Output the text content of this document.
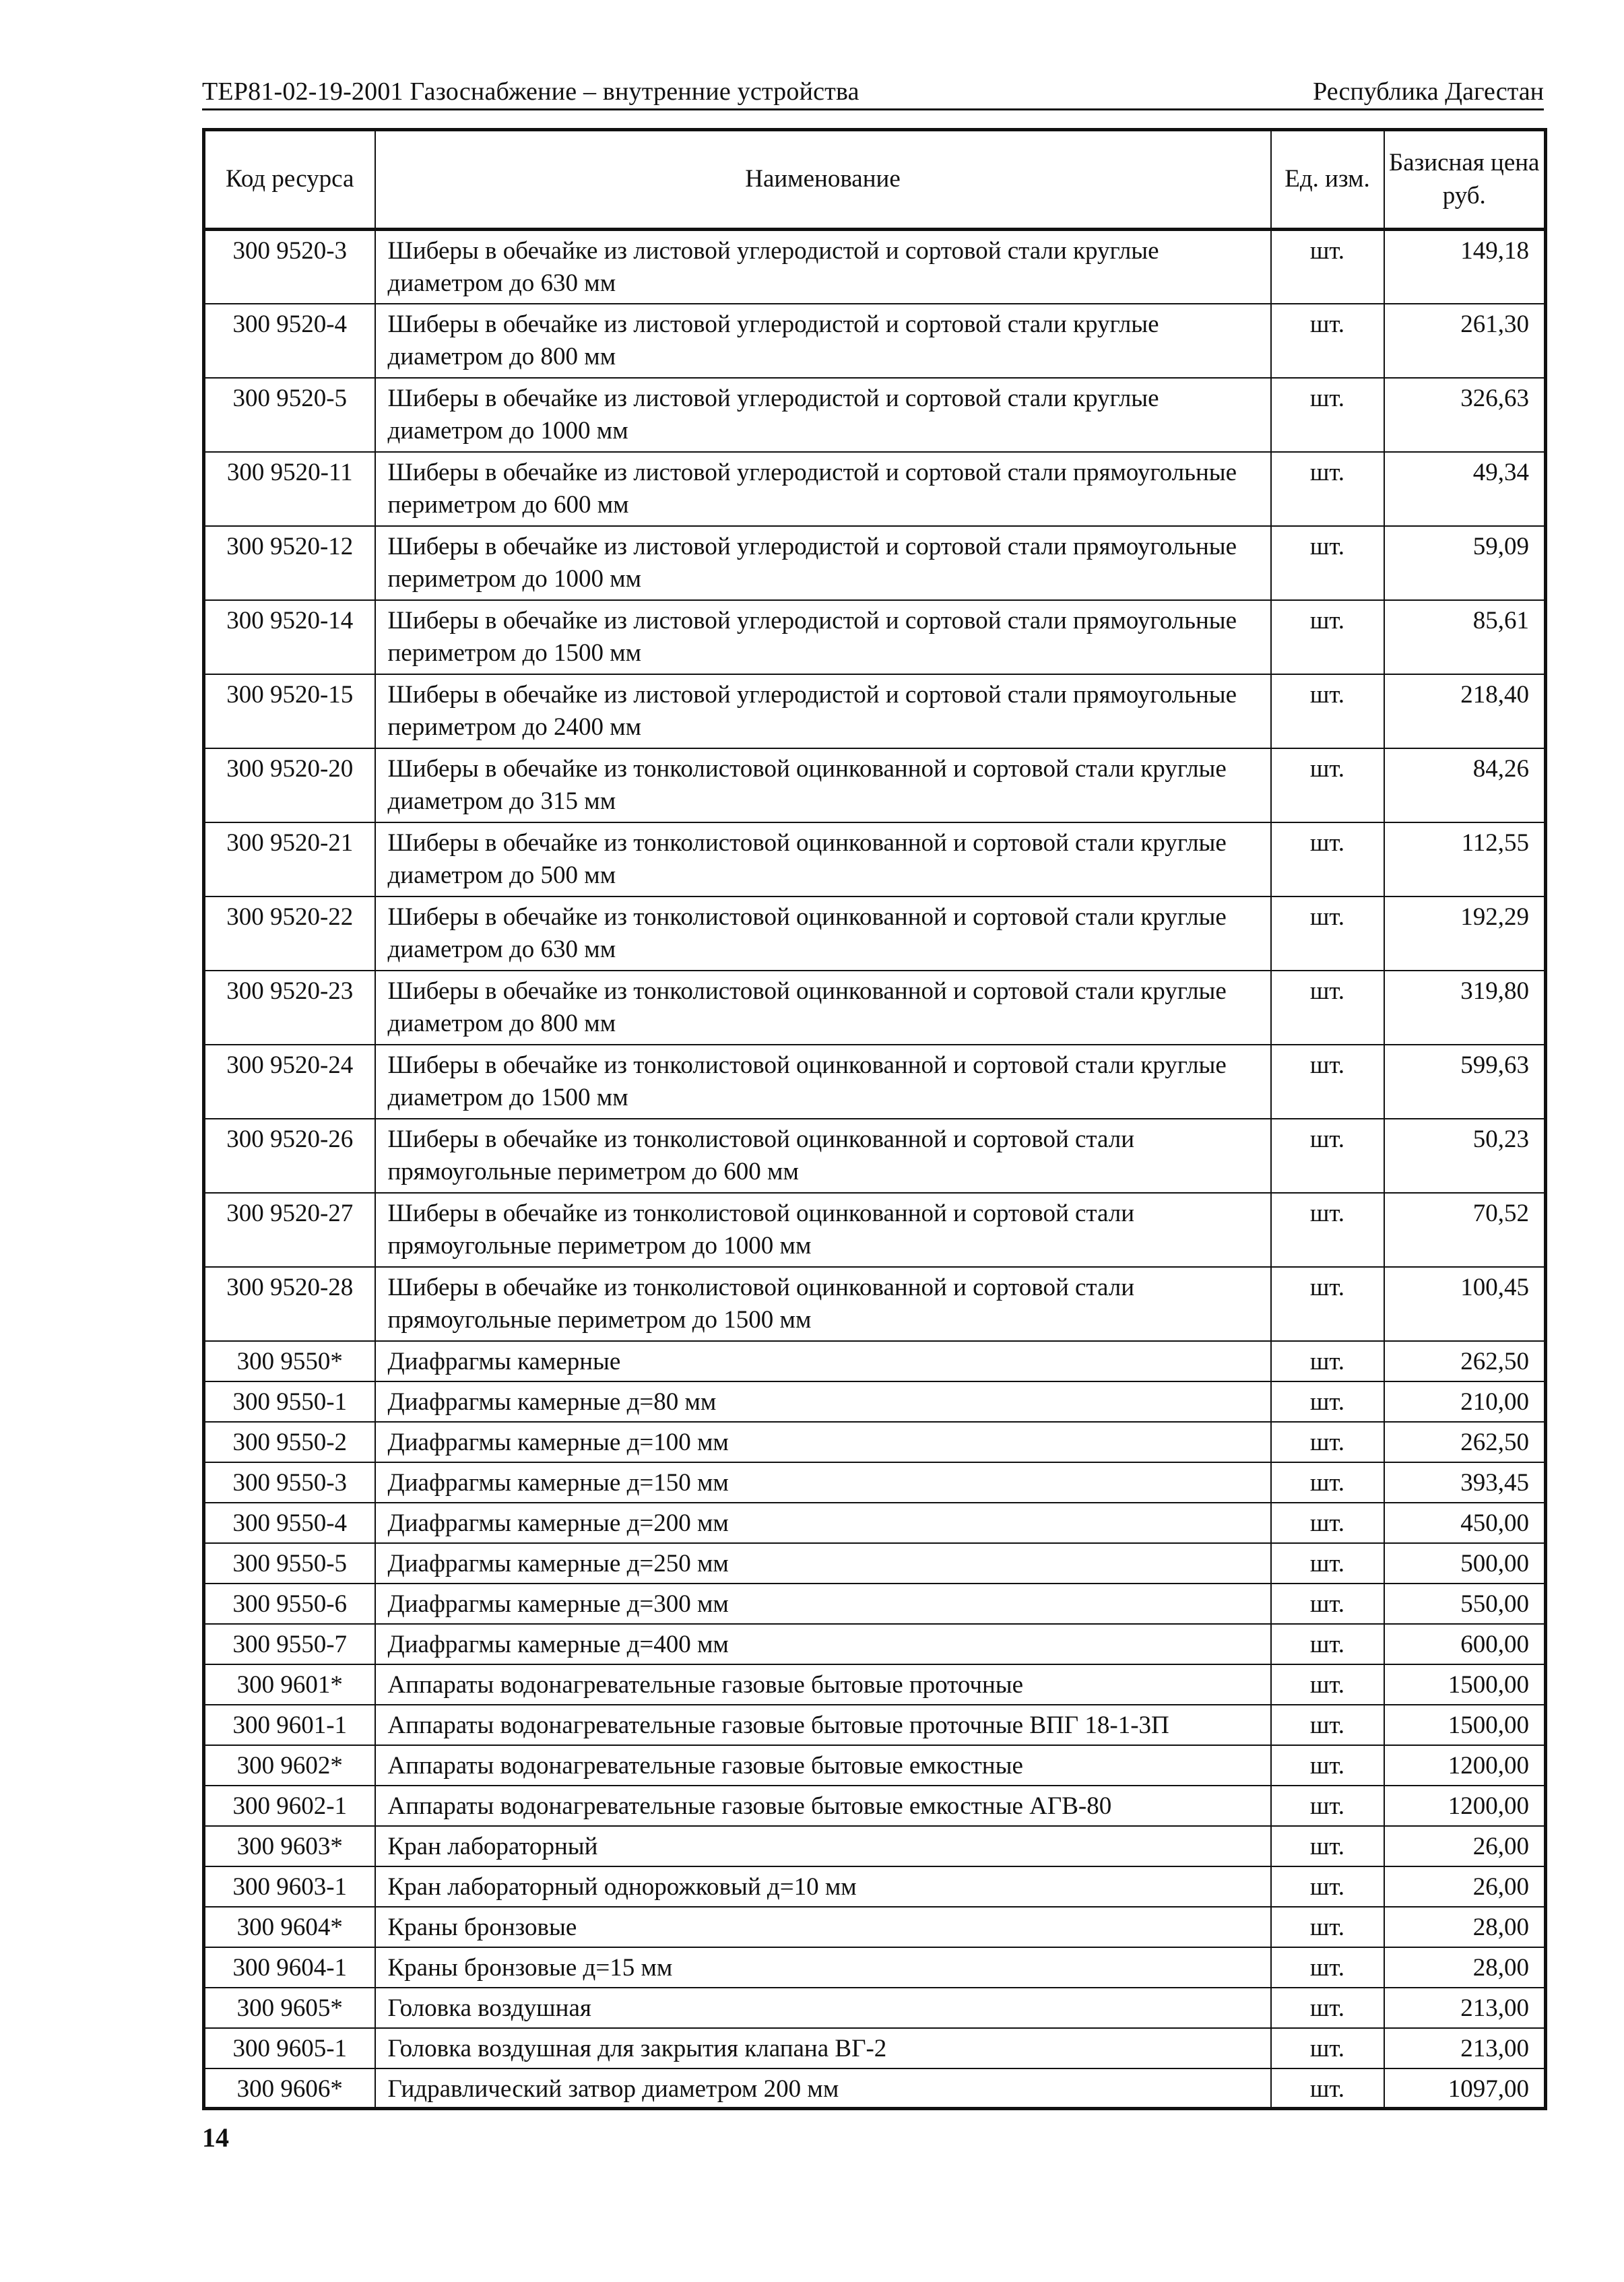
ТЕР81-02-19-2001 Газоснабжение – внутренние устройства	Республика Дагестан
Код ресурса	Наименование	Ед. изм.	Базисная цена
руб.

300 9520-3	Шиберы в обечайке из листовой углеродистой и сортовой стали круглые диаметром до 630 мм	шт.	149,18
300 9520-4	Шиберы в обечайке из листовой углеродистой и сортовой стали круглые диаметром до 800 мм	шт.	261,30
300 9520-5	Шиберы в обечайке из листовой углеродистой и сортовой стали круглые диаметром до 1000 мм	шт.	326,63
300 9520-11	Шиберы в обечайке из листовой углеродистой и сортовой стали прямоугольные периметром до 600 мм	шт.	49,34
300 9520-12	Шиберы в обечайке из листовой углеродистой и сортовой стали прямоугольные периметром до 1000 мм	шт.	59,09
300 9520-14	Шиберы в обечайке из листовой углеродистой и сортовой стали прямоугольные периметром до 1500 мм	шт.	85,61
300 9520-15	Шиберы в обечайке из листовой углеродистой и сортовой стали прямоугольные периметром до 2400 мм	шт.	218,40
300 9520-20	Шиберы в обечайке из тонколистовой оцинкованной и сортовой стали круглые диаметром до 315 мм	шт.	84,26
300 9520-21	Шиберы в обечайке из тонколистовой оцинкованной и сортовой стали круглые диаметром до 500 мм	шт.	112,55
300 9520-22	Шиберы в обечайке из тонколистовой оцинкованной и сортовой стали круглые диаметром до 630 мм	шт.	192,29
300 9520-23	Шиберы в обечайке из тонколистовой оцинкованной и сортовой стали круглые диаметром до 800 мм	шт.	319,80
300 9520-24	Шиберы в обечайке из тонколистовой оцинкованной и сортовой стали круглые диаметром до 1500 мм	шт.	599,63
300 9520-26	Шиберы в обечайке из тонколистовой оцинкованной и сортовой стали прямоугольные периметром до 600 мм	шт.	50,23
300 9520-27	Шиберы в обечайке из тонколистовой оцинкованной и сортовой стали прямоугольные периметром до 1000 мм	шт.	70,52
300 9520-28	Шиберы в обечайке из тонколистовой оцинкованной и сортовой стали прямоугольные периметром до 1500 мм	шт.	100,45
300 9550*	Диафрагмы камерные	шт.	262,50
300 9550-1	Диафрагмы камерные д=80 мм	шт.	210,00
300 9550-2	Диафрагмы камерные д=100 мм	шт.	262,50
300 9550-3	Диафрагмы камерные д=150 мм	шт.	393,45
300 9550-4	Диафрагмы камерные д=200 мм	шт.	450,00
300 9550-5	Диафрагмы камерные д=250 мм	шт.	500,00
300 9550-6	Диафрагмы камерные д=300 мм	шт.	550,00
300 9550-7	Диафрагмы камерные д=400 мм	шт.	600,00
300 9601*	Аппараты водонагревательные газовые бытовые проточные	шт.	1500,00
300 9601-1	Аппараты водонагревательные газовые бытовые проточные ВПГ 18-1-3П	шт.	1500,00
300 9602*	Аппараты водонагревательные газовые бытовые емкостные	шт.	1200,00
300 9602-1	Аппараты водонагревательные газовые бытовые емкостные АГВ-80	шт.	1200,00
300 9603*	Кран лабораторный	шт.	26,00
300 9603-1	Кран лабораторный однорожковый д=10 мм	шт.	26,00
300 9604*	Краны бронзовые	шт.	28,00
300 9604-1	Краны бронзовые д=15 мм	шт.	28,00
300 9605*	Головка воздушная	шт.	213,00
300 9605-1	Головка воздушная для закрытия клапана ВГ-2	шт.	213,00
300 9606*	Гидравлический затвор диаметром 200 мм	шт.	1097,00
14
